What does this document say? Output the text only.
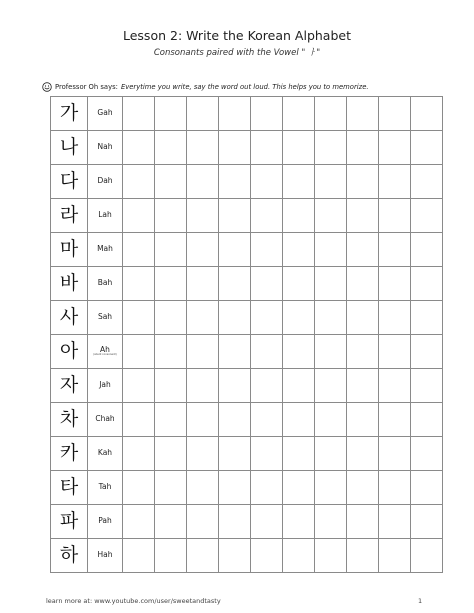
Lesson 2: Write the Korean Alphabet
Consonants paired with the Vowel " ㅏ"
Professor Oh says: Everytime you write, say the word out loud. This helps you to memorize.
가	Gah										

나	Nah										

다	Dah										

라	Lah										

마	Mah										

바	Bah										

사	Sah										

아	Ah
(silent consonant)										

자	Jah										

차	Chah										

카	Kah										

타	Tah										

파	Pah										

하	Hah										

learn more at: www.youtube.com/user/sweetandtasty	1
